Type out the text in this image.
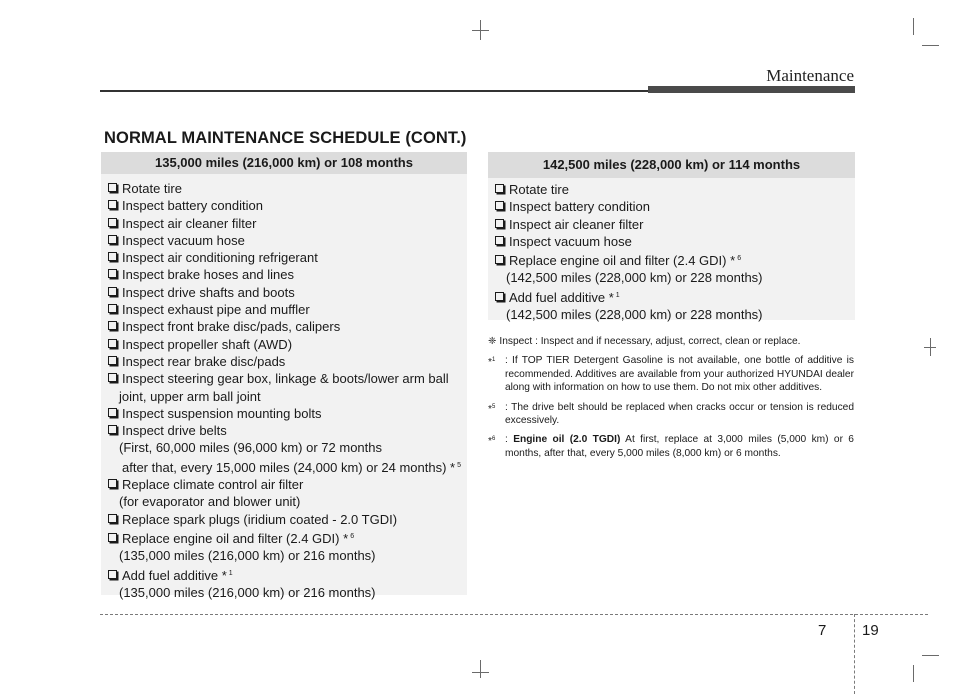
Maintenance
NORMAL MAINTENANCE SCHEDULE (CONT.)
135,000 miles (216,000 km) or 108 months
Rotate tire
Inspect battery condition
Inspect air cleaner filter
Inspect vacuum hose
Inspect air conditioning refrigerant
Inspect brake hoses and lines
Inspect drive shafts and boots
Inspect exhaust pipe and muffler
Inspect front brake disc/pads, calipers
Inspect propeller shaft (AWD)
Inspect rear brake disc/pads
Inspect steering gear box, linkage & boots/lower arm ball
joint, upper arm ball joint
Inspect suspension mounting bolts
Inspect drive belts
(First, 60,000 miles (96,000 km) or 72 months
after that, every 15,000 miles (24,000 km) or 24 months) * $^5$
Replace climate control air filter
(for evaporator and blower unit)
Replace spark plugs (iridium coated - 2.0 TGDI)
Replace engine oil and filter (2.4 GDI) * $^6$
(135,000 miles (216,000 km) or 216 months)
Add fuel additive * $^1$
(135,000 miles (216,000 km) or 216 months)
142,500 miles (228,000 km) or 114 months
Rotate tire
Inspect battery condition
Inspect air cleaner filter
Inspect vacuum hose
Replace engine oil and filter (2.4 GDI) * $^6$
(142,500 miles (228,000 km) or 228 months)
Add fuel additive * $^1$
(142,500 miles (228,000 km) or 228 months)
❈ Inspect : Inspect and if necessary, adjust, correct, clean or replace.
*$^1$ : If TOP TIER Detergent Gasoline is not available, one bottle of additive is recommended. Additives are available from your authorized HYUNDAI dealer along with information on how to use them. Do not mix other additives.
*$^5$ : The drive belt should be replaced when cracks occur or tension is reduced excessively.
*$^6$ : Engine oil (2.0 TGDI) At first, replace at 3,000 miles (5,000 km) or 6 months, after that, every 5,000 miles (8,000 km) or 6 months.
7 19
